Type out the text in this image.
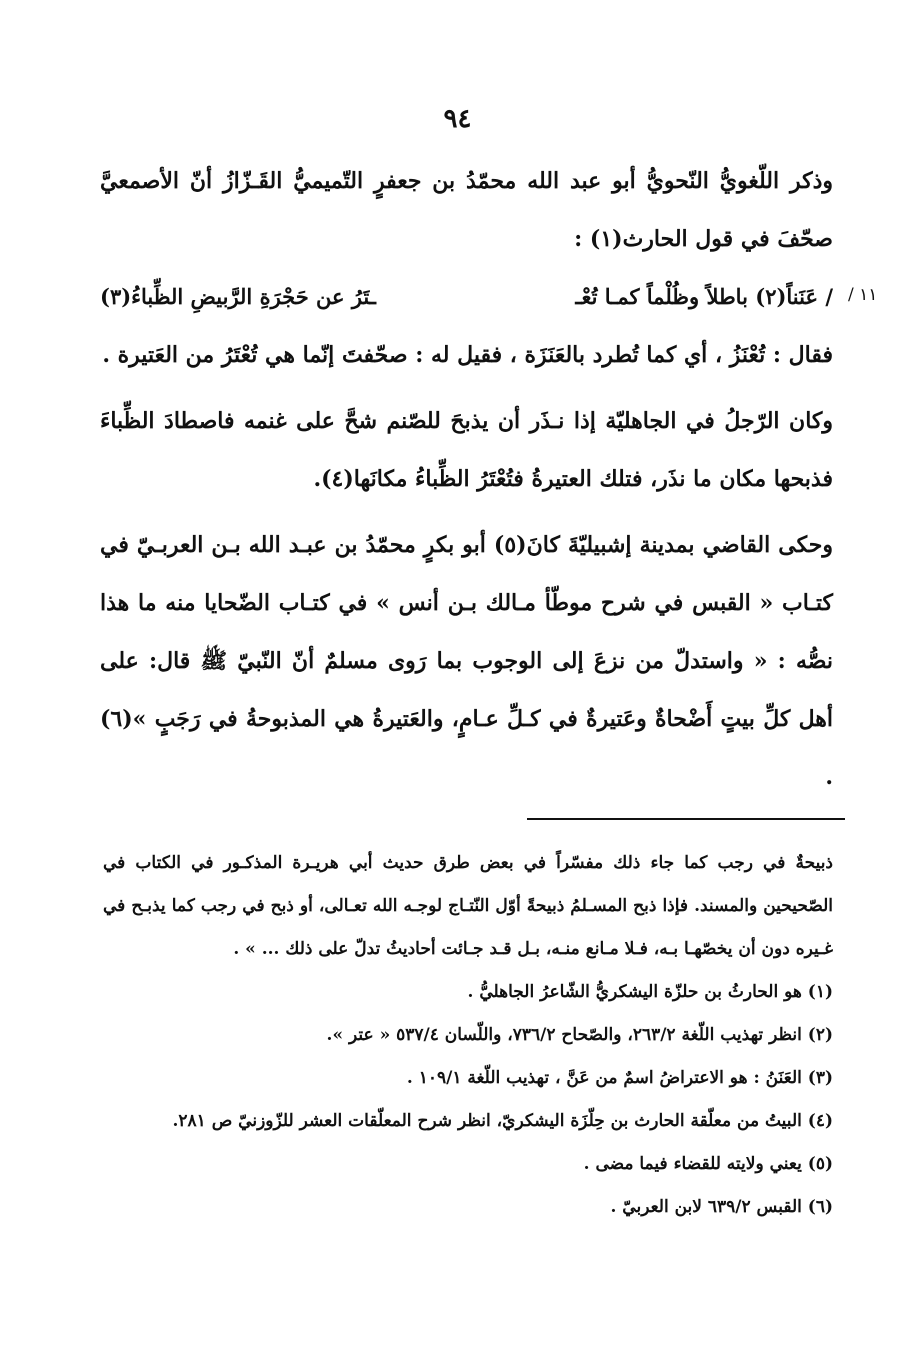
٩٤
/ ١١

وذكر اللّغويُّ النّحويُّ أبو عبد الله محمّدُ بن جعفرٍ التّميميُّ القَـزّازُ أنّ الأصمعيَّ صحّفَ في قول الحارث(١) :

/ عَنَناً(٢) باطلاً وظُلْماً كمـا تُعْـ
ـتَرُ عن حَجْرَةِ الرَّبيضِ الظِّباءُ(٣)

فقال : تُعْنَزُ ، أي كما تُطرد بالعَنَزَة ، فقيل له : صحّفتَ إنّما هي تُعْتَرُ من العَتيرة .

وكان الرّجلُ في الجاهليّة إذا نـذَر أن يذبحَ للصّنم شحَّ على غنمه فاصطادَ الظِّباءَ فذبحها مكان ما نذَر، فتلك العتيرةُ فتُعْتَرُ الظِّباءُ مكانَها(٤).

وحكى القاضي بمدينة إشبيليّةَ كانَ(٥) أبو بكرٍ محمّدُ بن عبـد الله بـن العربـيّ في كتـاب « القبس في شرح موطّأ مـالك بـن أنس » في كتـاب الضّحايا منه ما هذا نصُّه : « واستدلّ من نزعَ إلى الوجوب بما رَوى مسلمٌ أنّ النّبيّ ﷺ قال: على أهل كلِّ بيتٍ أَضْحاةٌ وعَتيرةٌ في كـلِّ عـامٍ، والعَتيرةُ هي المذبوحةُ في رَجَبٍ »(٦) .

ذبيحةٌ في رجب كما جاء ذلك مفسّراً في بعض طرق حديث أبي هريـرة المذكـور في الكتاب في الصّحيحين والمسند. فإذا ذبح المسـلمُ ذبيحةً أوّل النّتـاج لوجـه الله تعـالى، أو ذبح في رجب كما يذبـح في غـيره دون أن يخصّهـا بـه، فـلا مـانع منـه، بـل قـد جـائت أحاديثُ تدلّ على ذلك ... » .

(١) هو الحارثُ بن حلزّة اليشكريُّ الشّاعرُ الجاهليُّ .
(٢) انظر تهذيب اللّغة ٢٦٣/٢، والصّحاح ٧٣٦/٢، واللّسان ٥٣٧/٤ « عتر ».
(٣) العَنَنُ : هو الاعتراضُ اسمٌ من عَنَّ ، تهذيب اللّغة ١٠٩/١ .
(٤) البيتُ من معلّقة الحارث بن حِلّزَة اليشكريّ، انظر شرح المعلّقات العشر للزّوزنيّ ص ٢٨١.
(٥) يعني ولايته للقضاء فيما مضى .
(٦) القبس ٦٣٩/٢ لابن العربيّ .
